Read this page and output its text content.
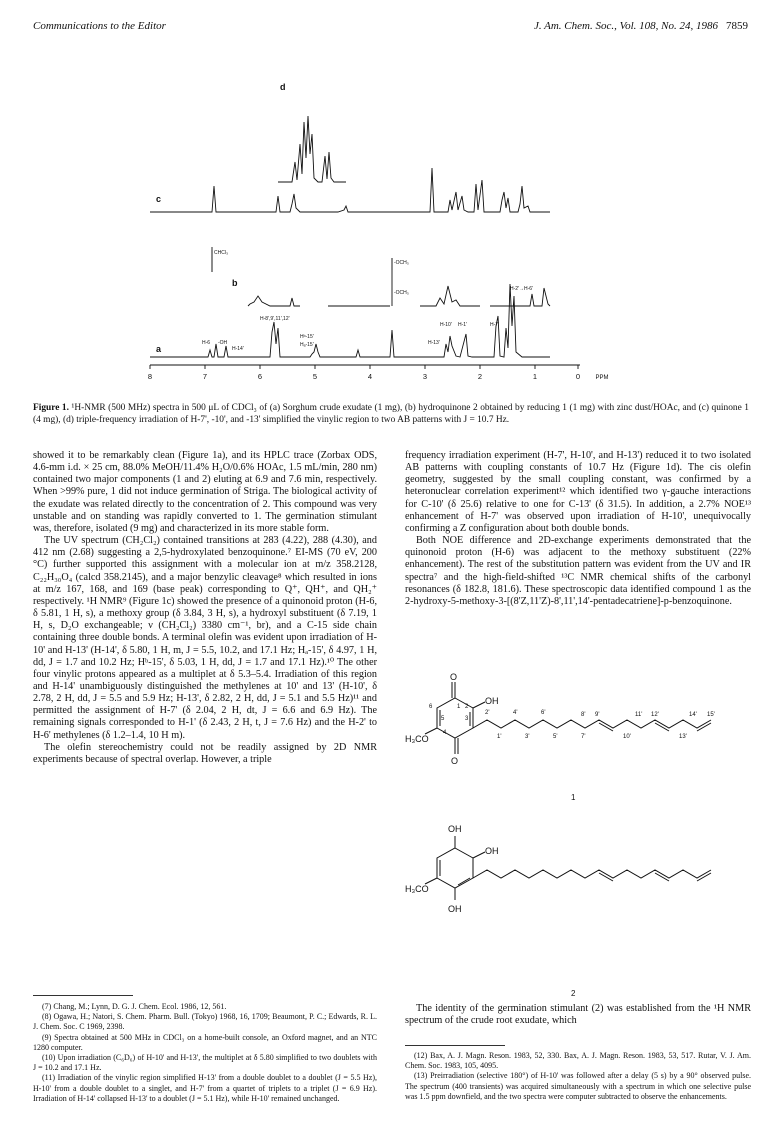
Communications to the Editor	J. Am. Chem. Soc., Vol. 108, No. 24, 1986 7859
d
c
b
a
CHCl₃
-OCH₃
-OCH₃
H-2'→H-6'
-OH
H-6
H-14'
H-8',9',11',12'
Hᵇ-15'
Hₐ-15'
H-10' H-1'	H-7'
H-13'
8	7	6	5	4	3	2	1	0	PPM
Figure 1. ¹H-NMR (500 MHz) spectra in 500 μL of CDCl₃ of (a) Sorghum crude exudate (1 mg), (b) hydroquinone 2 obtained by reducing 1 (1 mg) with zinc dust/HOAc, and (c) quinone 1 (4 mg), (d) triple-frequency irradiation of H-7', -10', and -13' simplified the vinylic region to two AB patterns with J = 10.7 Hz.

showed it to be remarkably clean (Figure 1a), and its HPLC trace (Zorbax ODS, 4.6-mm i.d. × 25 cm, 88.0% MeOH/11.4% H₂O/0.6% HOAc, 1.5 mL/min, 280 nm) contained two major components (1 and 2) eluting at 6.9 and 7.6 min, respectively. When >99% pure, 1 did not induce germination of Striga. The biological activity of the exudate was related directly to the concentration of 2. This compound was very unstable and on standing was rapidly converted to 1. The germination stimulant was, therefore, isolated (9 mg) and characterized in its more stable form.

The UV spectrum (CH₂Cl₂) contained transitions at 283 (4.22), 288 (4.30), and 412 nm (2.68) suggesting a 2,5-hydroxylated benzoquinone.⁷ EI-MS (70 eV, 200 °C) further supported this assignment with a molecular ion at m/z 358.2128, C₂₂H₃₀O₄ (calcd 358.2145), and a major benzylic cleavage⁸ which resulted in ions at m/z 167, 168, and 169 (base peak) corresponding to Q⁺, QH⁺, and QH₂⁺ respectively. ¹H NMR⁹ (Figure 1c) showed the presence of a quinonoid proton (H-6, δ 5.81, 1 H, s), a methoxy group (δ 3.84, 3 H, s), a hydroxyl substituent (δ 7.19, 1 H, s, D₂O exchangeable; ν (CH₂Cl₂) 3380 cm⁻¹, br), and a C-15 side chain containing three double bonds. A terminal olefin was evident upon irradiation of H-10' and H-13' (H-14', δ 5.80, 1 H, m, J = 5.5, 10.2, and 17.1 Hz; Hₐ-15', δ 4.97, 1 H, dd, J = 1.7 and 10.2 Hz; Hᵇ-15', δ 5.03, 1 H, dd, J = 1.7 and 17.1 Hz).¹⁰ The other four vinylic protons appeared as a multiplet at δ 5.3–5.4. Irradiation of this region and H-14' unambiguously distinguished the methylenes at 10' and 13' (H-10', δ 2.78, 2 H, dd, J = 5.5 and 5.9 Hz; H-13', δ 2.82, 2 H, dd, J = 5.1 and 5.5 Hz)¹¹ and permitted the assignment of H-7' (δ 2.04, 2 H, dt, J = 6.6 and 6.9 Hz). The remaining signals corresponded to H-1' (δ 2.43, 2 H, t, J = 7.6 Hz) and the H-2' to H-6' methylenes (δ 1.2–1.4, 10 H m).

The olefin stereochemistry could not be readily assigned by 2D NMR experiments because of spectral overlap. However, a triple

frequency irradiation experiment (H-7', H-10', and H-13') reduced it to two isolated AB patterns with coupling constants of 10.7 Hz (Figure 1d). The cis olefin geometry, suggested by the small coupling constant, was confirmed by a heteronuclear correlation experiment¹² which identified two γ-gauche interactions for C-10' (δ 25.6) relative to one for C-13' (δ 31.5). In addition, a 2.7% NOE¹³ enhancement of H-7' was observed upon irradiation of H-10', unequivocally confirming a Z configuration about both double bonds.

Both NOE difference and 2D-exchange experiments demonstrated that the quinonoid proton (H-6) was adjacent to the methoxy substituent (22% enhancement). The rest of the substitution pattern was evident from the UV and IR spectra⁷ and the high-field-shifted ¹³C NMR chemical shifts of the carbonyl resonances (δ 182.8, 181.6). These spectroscopic data identified compound 1 as the 2-hydroxy-5-methoxy-3-[(8'Z,11'Z)-8',11',14'-pentadecatriene]-p-benzoquinone.

O
OH
H₃CO
O
6
5
4
3
1 2
2'	4'	6'	8' 9'	11' 12'	14' 15'
1'	3'	5'	7'	10'	13'
1
OH
OH
H₃CO
OH
2

The identity of the germination stimulant (2) was established from the ¹H NMR spectrum of the crude root exudate, which

(7) Chang, M.; Lynn, D. G. J. Chem. Ecol. 1986, 12, 561.
(8) Ogawa, H.; Natori, S. Chem. Pharm. Bull. (Tokyo) 1968, 16, 1709; Beaumont, P. C.; Edwards, R. L. J. Chem. Soc. C 1969, 2398.
(9) Spectra obtained at 500 MHz in CDCl₃ on a home-built console, an Oxford magnet, and an NTC 1280 computer.
(10) Upon irradiation (C₆D₆) of H-10' and H-13', the multiplet at δ 5.80 simplified to two doublets with J = 10.2 and 17.1 Hz.
(11) Irradiation of the vinylic region simplified H-13' from a double doublet to a doublet (J = 5.5 Hz), H-10' from a double doublet to a singlet, and H-7' from a quartet of triplets to a triplet (J = 6.9 Hz). Irradiation of H-14' collapsed H-13' to a doublet (J = 5.1 Hz), while H-10' remained unchanged.
(12) Bax, A. J. Magn. Reson. 1983, 52, 330. Bax, A. J. Magn. Reson. 1983, 53, 517. Rutar, V. J. Am. Chem. Soc. 1983, 105, 4095.
(13) Preirradiation (selective 180°) of H-10' was followed after a delay (5 s) by a 90° observed pulse. The spectrum (400 transients) was acquired simultaneously with a spectrum in which one selective pulse was 1.5 ppm downfield, and the two spectra were computer subtracted to observe the enhancements.
